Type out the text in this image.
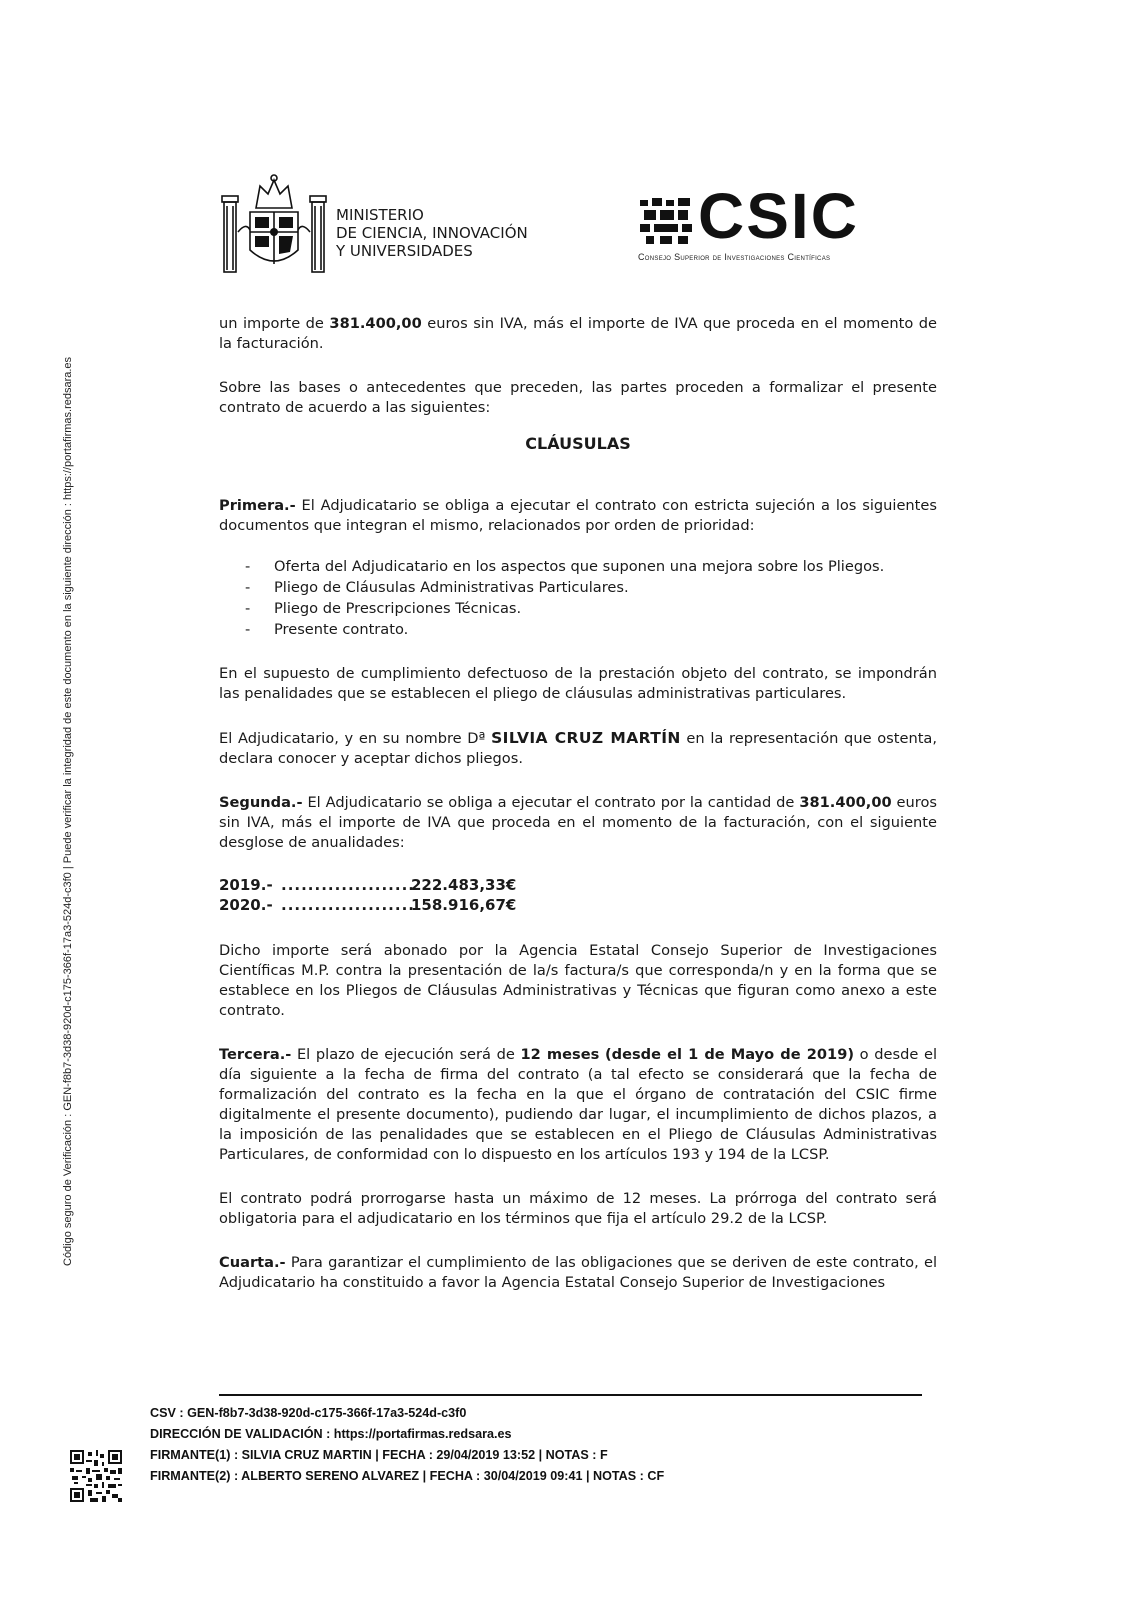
Código seguro de Verificación : GEN-f8b7-3d38-920d-c175-366f-17a3-524d-c3f0 | Puede verificar la integridad de este documento en la siguiente dirección : https://portafirmas.redsara.es
MINISTERIO
DE CIENCIA, INNOVACIÓN
Y UNIVERSIDADES	CSIC
Consejo Superior de Investigaciones Científicas

un importe de 381.400,00 euros sin IVA, más el importe de IVA que proceda en el momento de la facturación.

Sobre las bases o antecedentes que preceden, las partes proceden a formalizar el presente contrato de acuerdo a las siguientes:

CLÁUSULAS

Primera.- El Adjudicatario se obliga a ejecutar el contrato con estricta sujeción a los siguientes documentos que integran el mismo, relacionados por orden de prioridad:

- Oferta del Adjudicatario en los aspectos que suponen una mejora sobre los Pliegos.
- Pliego de Cláusulas Administrativas Particulares.
- Pliego de Prescripciones Técnicas.
- Presente contrato.

En el supuesto de cumplimiento defectuoso de la prestación objeto del contrato, se impondrán las penalidades que se establecen el pliego de cláusulas administrativas particulares.

El Adjudicatario, y en su nombre Dª SILVIA CRUZ MARTÍN en la representación que ostenta, declara conocer y aceptar dichos pliegos.

Segunda.- El Adjudicatario se obliga a ejecutar el contrato por la cantidad de 381.400,00 euros sin IVA, más el importe de IVA que proceda en el momento de la facturación, con el siguiente desglose de anualidades:

2019.- ....................
222.483,33€
2020.- ....................
158.916,67€

Dicho importe será abonado por la Agencia Estatal Consejo Superior de Investigaciones Científicas M.P. contra la presentación de la/s factura/s que corresponda/n y en la forma que se establece en los Pliegos de Cláusulas Administrativas y Técnicas que figuran como anexo a este contrato.

Tercera.- El plazo de ejecución será de 12 meses (desde el 1 de Mayo de 2019) o desde el día siguiente a la fecha de firma del contrato (a tal efecto se considerará que la fecha de formalización del contrato es la fecha en la que el órgano de contratación del CSIC firme digitalmente el presente documento), pudiendo dar lugar, el incumplimiento de dichos plazos, a la imposición de las penalidades que se establecen en el Pliego de Cláusulas Administrativas Particulares, de conformidad con lo dispuesto en los artículos 193 y 194 de la LCSP.

El contrato podrá prorrogarse hasta un máximo de 12 meses. La prórroga del contrato será obligatoria para el adjudicatario en los términos que fija el artículo 29.2 de la LCSP.

Cuarta.- Para garantizar el cumplimiento de las obligaciones que se deriven de este contrato, el Adjudicatario ha constituido a favor la Agencia Estatal Consejo Superior de Investigaciones

CSV : GEN-f8b7-3d38-920d-c175-366f-17a3-524d-c3f0
DIRECCIÓN DE VALIDACIÓN : https://portafirmas.redsara.es
FIRMANTE(1) : SILVIA CRUZ MARTIN | FECHA : 29/04/2019 13:52 | NOTAS : F
FIRMANTE(2) : ALBERTO SERENO ALVAREZ | FECHA : 30/04/2019 09:41 | NOTAS : CF
